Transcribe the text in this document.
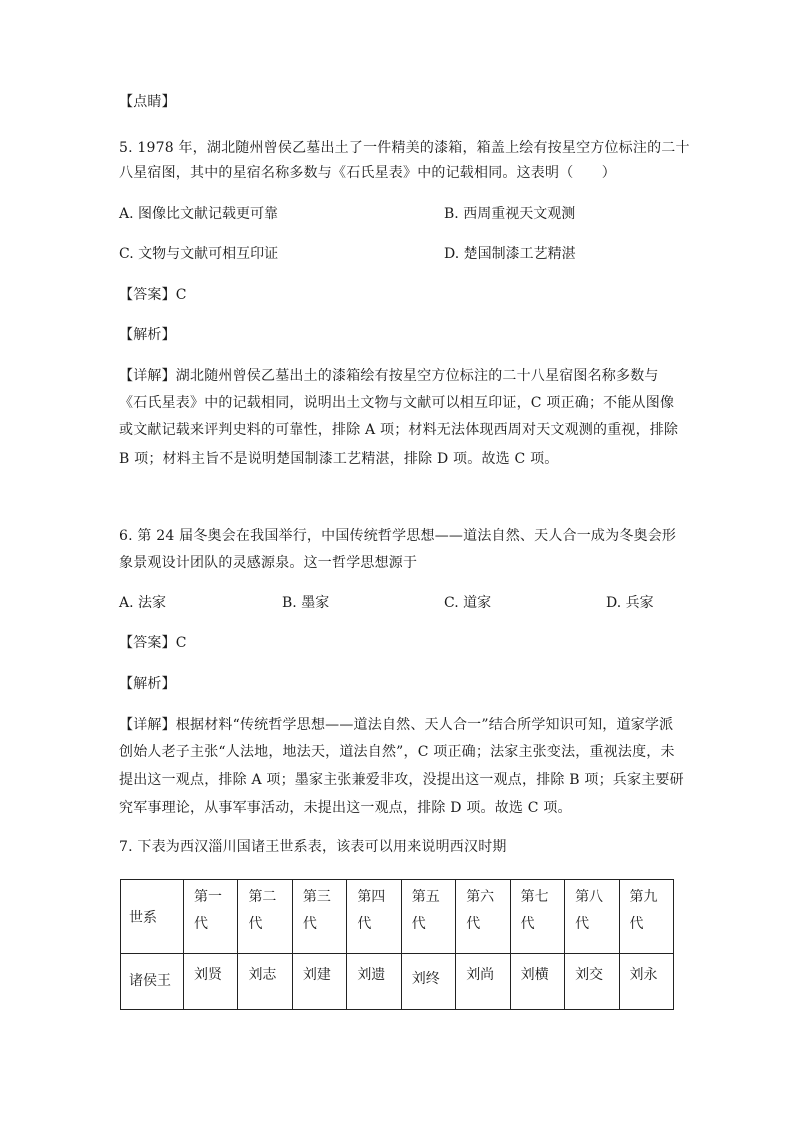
【点睛】
5. 1978 年，湖北随州曾侯乙墓出土了一件精美的漆箱，箱盖上绘有按星空方位标注的二十
八星宿图，其中的星宿名称多数与《石氏星表》中的记载相同。这表明（　　）
A. 图像比文献记载更可靠	B. 西周重视天文观测
C. 文物与文献可相互印证	D. 楚国制漆工艺精湛
【答案】C
【解析】
【详解】湖北随州曾侯乙墓出土的漆箱绘有按星空方位标注的二十八星宿图名称多数与
《石氏星表》中的记载相同，说明出土文物与文献可以相互印证，C 项正确；不能从图像
或文献记载来评判史料的可靠性，排除 A 项；材料无法体现西周对天文观测的重视，排除
B 项；材料主旨不是说明楚国制漆工艺精湛，排除 D 项。故选 C 项。
6. 第 24 届冬奥会在我国举行，中国传统哲学思想——道法自然、天人合一成为冬奥会形
象景观设计团队的灵感源泉。这一哲学思想源于
A. 法家	B. 墨家	C. 道家	D. 兵家
【答案】C
【解析】
【详解】根据材料“传统哲学思想——道法自然、天人合一”结合所学知识可知，道家学派
创始人老子主张“人法地，地法天，道法自然”，C 项正确；法家主张变法，重视法度，未
提出这一观点，排除 A 项；墨家主张兼爱非攻，没提出这一观点，排除 B 项；兵家主要研
究军事理论，从事军事活动，未提出这一观点，排除 D 项。故选 C 项。
7. 下表为西汉淄川国诸王世系表，该表可以用来说明西汉时期
世系	第一代	第二代	第三代	第四代	第五代	第六代	第七代	第八代	第九代

诸侯王	刘贤	刘志	刘建	刘遗	刘终	刘尚	刘横	刘交	刘永
